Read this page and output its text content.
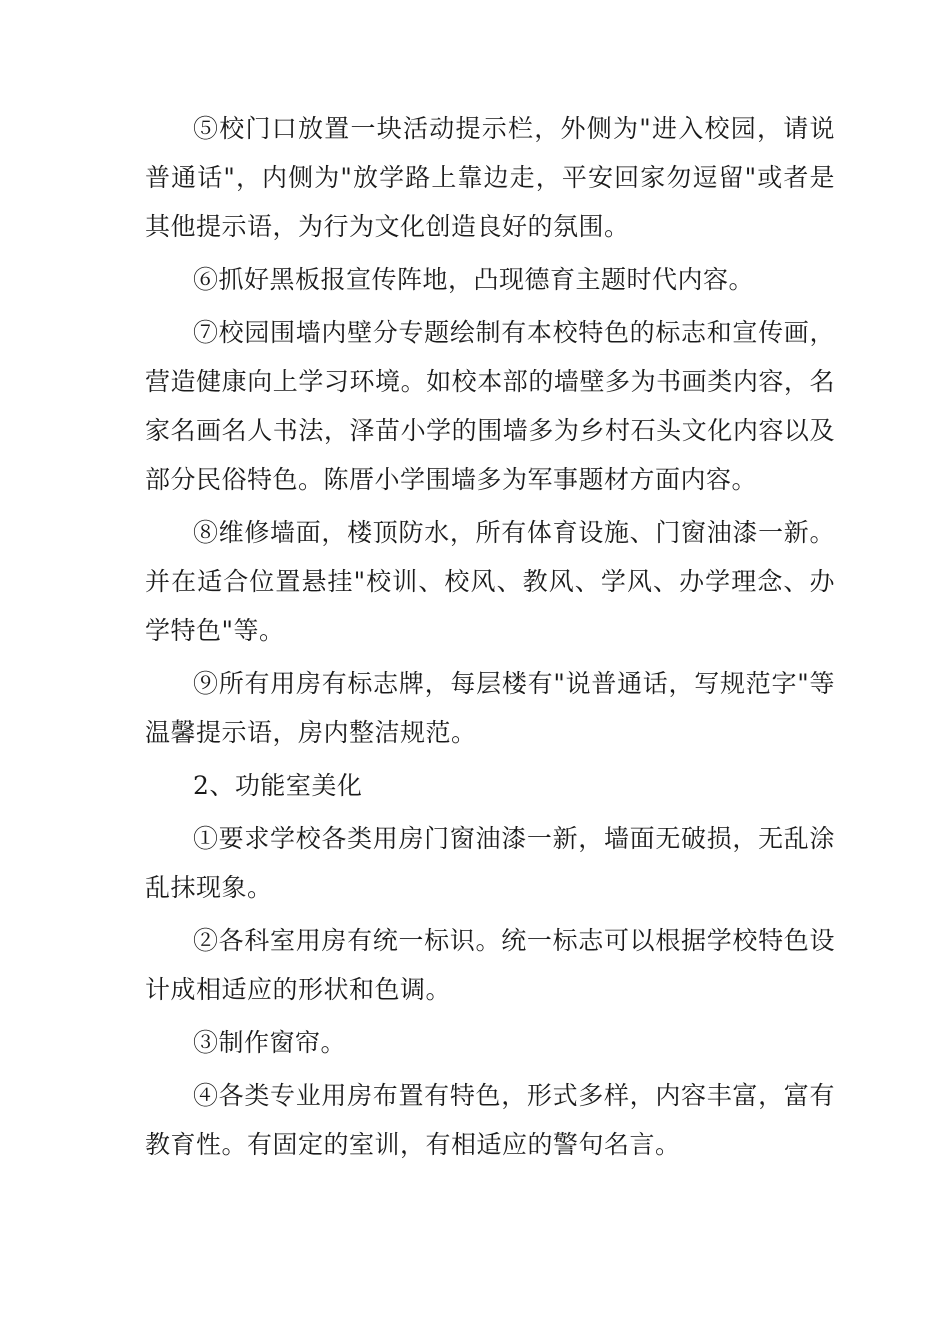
⑤校门口放置一块活动提示栏，外侧为"进入校园，请说普通话"，内侧为"放学路上靠边走，平安回家勿逗留"或者是其他提示语，为行为文化创造良好的氛围。

⑥抓好黑板报宣传阵地，凸现德育主题时代内容。

⑦校园围墙内壁分专题绘制有本校特色的标志和宣传画，营造健康向上学习环境。如校本部的墙壁多为书画类内容，名家名画名人书法，泽苗小学的围墙多为乡村石头文化内容以及部分民俗特色。陈厝小学围墙多为军事题材方面内容。

⑧维修墙面，楼顶防水，所有体育设施、门窗油漆一新。并在适合位置悬挂"校训、校风、教风、学风、办学理念、办学特色"等。

⑨所有用房有标志牌，每层楼有"说普通话，写规范字"等温馨提示语，房内整洁规范。

2、功能室美化

①要求学校各类用房门窗油漆一新，墙面无破损，无乱涂乱抹现象。

②各科室用房有统一标识。统一标志可以根据学校特色设计成相适应的形状和色调。

③制作窗帘。

④各类专业用房布置有特色，形式多样，内容丰富，富有教育性。有固定的室训，有相适应的警句名言。
